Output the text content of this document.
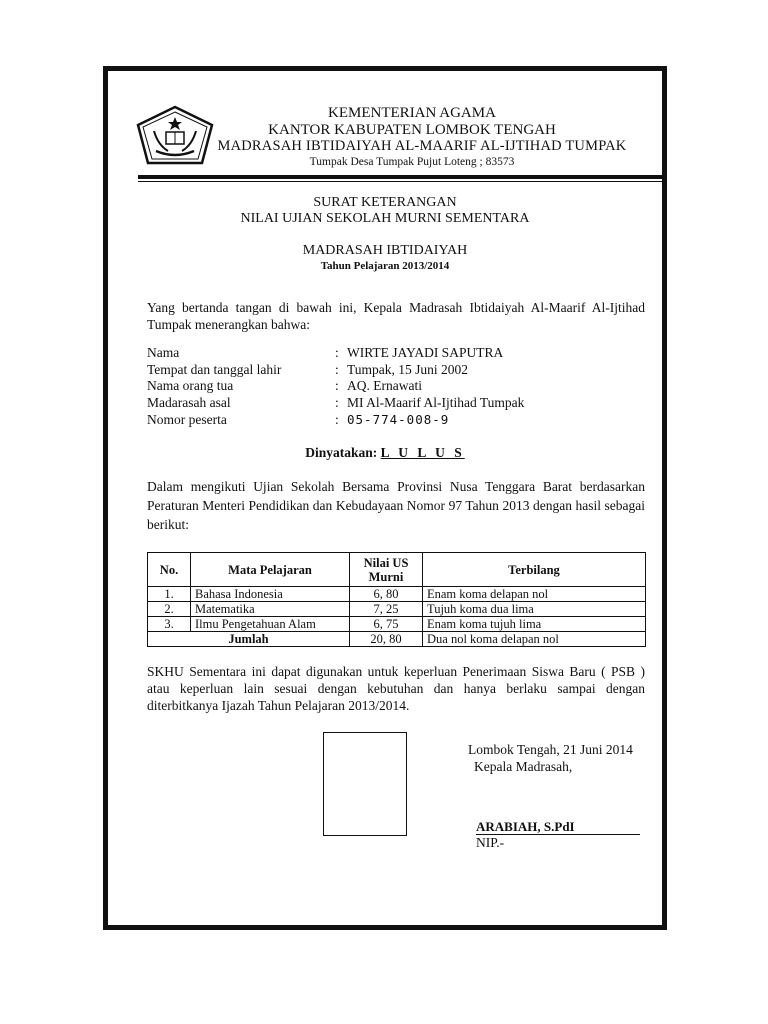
KEMENTERIAN AGAMA
KANTOR KABUPATEN LOMBOK TENGAH
MADRASAH IBTIDAIYAH AL-MAARIF AL-IJTIHAD TUMPAK
Tumpak Desa Tumpak Pujut Loteng ; 83573
SURAT KETERANGAN
NILAI UJIAN SEKOLAH MURNI SEMENTARA
MADRASAH IBTIDAIYAH
Tahun Pelajaran 2013/2014
Yang bertanda tangan di bawah ini, Kepala Madrasah Ibtidaiyah Al-Maarif Al-Ijtihad Tumpak menerangkan bahwa:
Nama	: WIRTE JAYADI SAPUTRA
Tempat dan tanggal lahir	: Tumpak, 15 Juni 2002
Nama orang tua	: AQ. Ernawati
Madarasah asal	: MI Al-Maarif Al-Ijtihad Tumpak
Nomor peserta	: 05-774-008-9
Dinyatakan: L U L U S
Dalam mengikuti Ujian Sekolah Bersama Provinsi Nusa Tenggara Barat berdasarkan Peraturan Menteri Pendidikan dan Kebudayaan Nomor 97 Tahun 2013 dengan hasil sebagai berikut:
No.	Mata Pelajaran	Nilai US Murni	Terbilang
1.	Bahasa Indonesia	6, 80	Enam koma delapan nol
2.	Matematika	7, 25	Tujuh koma dua lima
3.	Ilmu Pengetahuan Alam	6, 75	Enam koma tujuh lima
Jumlah		20, 80	Dua nol koma delapan nol
SKHU Sementara ini dapat digunakan untuk keperluan Penerimaan Siswa Baru ( PSB ) atau keperluan lain sesuai dengan kebutuhan dan hanya berlaku sampai dengan diterbitkanya Ijazah Tahun Pelajaran 2013/2014.
Lombok Tengah, 21 Juni 2014
Kepala Madrasah,
ARABIAH, S.PdI
NIP.-
